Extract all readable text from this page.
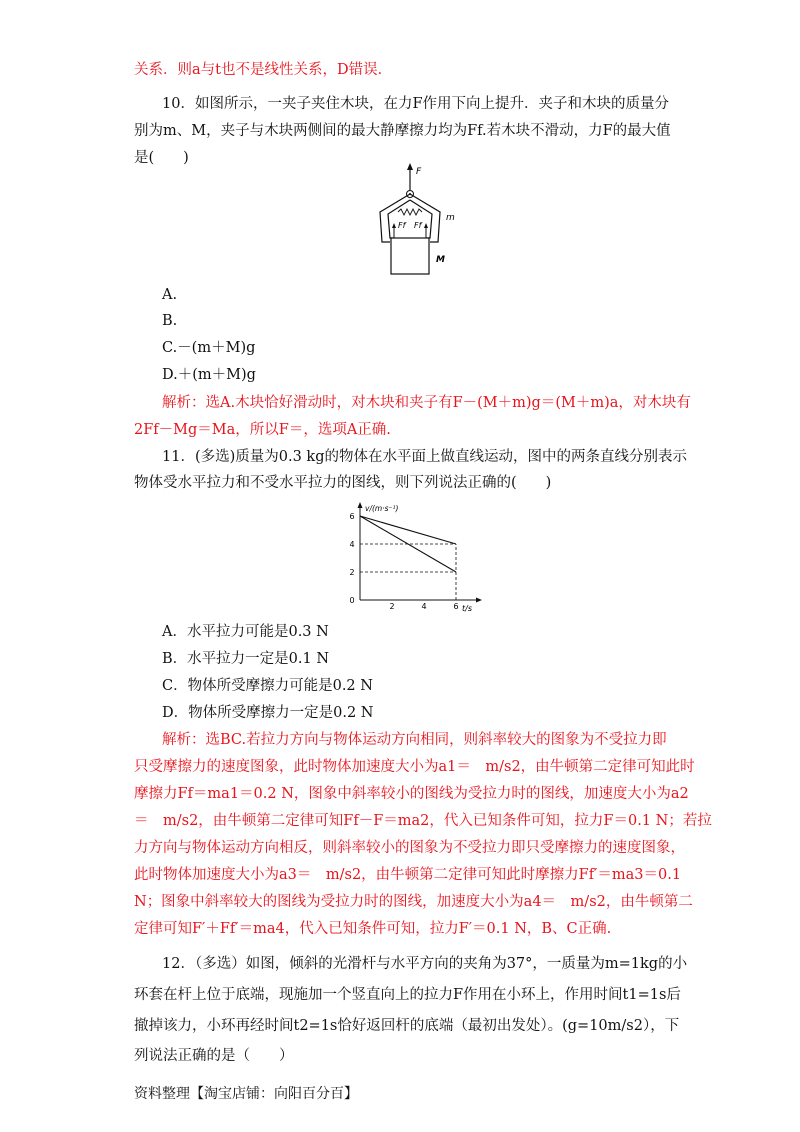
关系．则a与t也不是线性关系，D错误．
10．如图所示，一夹子夹住木块，在力F作用下向上提升．夹子和木块的质量分
别为m、M，夹子与木块两侧间的最大静摩擦力均为Ff.若木块不滑动，力F的最大值
是(　　)
F
Ff Ff
M
m
A.
B.
C.－(m＋M)g
D.＋(m＋M)g
解析：选A.木块恰好滑动时，对木块和夹子有F－(M＋m)g＝(M＋m)a，对木块有
2Ff－Mg＝Ma，所以F＝，选项A正确.
11．(多选)质量为0.3 kg的物体在水平面上做直线运动，图中的两条直线分别表示
物体受水平拉力和不受水平拉力的图线，则下列说法正确的(　　)
v/(m·s⁻¹)
t/s
0
2
4
6
2	4	6
A．水平拉力可能是0.3 N
B．水平拉力一定是0.1 N
C．物体所受摩擦力可能是0.2 N
D．物体所受摩擦力一定是0.2 N
解析：选BC.若拉力方向与物体运动方向相同，则斜率较大的图象为不受拉力即
只受摩擦力的速度图象，此时物体加速度大小为a1＝　m/s2，由牛顿第二定律可知此时
摩擦力Ff＝ma1＝0.2 N，图象中斜率较小的图线为受拉力时的图线，加速度大小为a2
＝　m/s2，由牛顿第二定律可知Ff－F＝ma2，代入已知条件可知，拉力F＝0.1 N；若拉
力方向与物体运动方向相反，则斜率较小的图象为不受拉力即只受摩擦力的速度图象，
此时物体加速度大小为a3＝　m/s2，由牛顿第二定律可知此时摩擦力Ff′＝ma3＝0.1
N；图象中斜率较大的图线为受拉力时的图线，加速度大小为a4＝　m/s2，由牛顿第二
定律可知F′＋Ff′＝ma4，代入已知条件可知，拉力F′＝0.1 N，B、C正确.
12．（多选）如图，倾斜的光滑杆与水平方向的夹角为37°，一质量为m=1kg的小
环套在杆上位于底端，现施加一个竖直向上的拉力F作用在小环上，作用时间t1=1s后
撤掉该力，小环再经时间t2=1s恰好返回杆的底端（最初出发处）。(g=10m/s2），下
列说法正确的是（　　）
资料整理【淘宝店铺：向阳百分百】
